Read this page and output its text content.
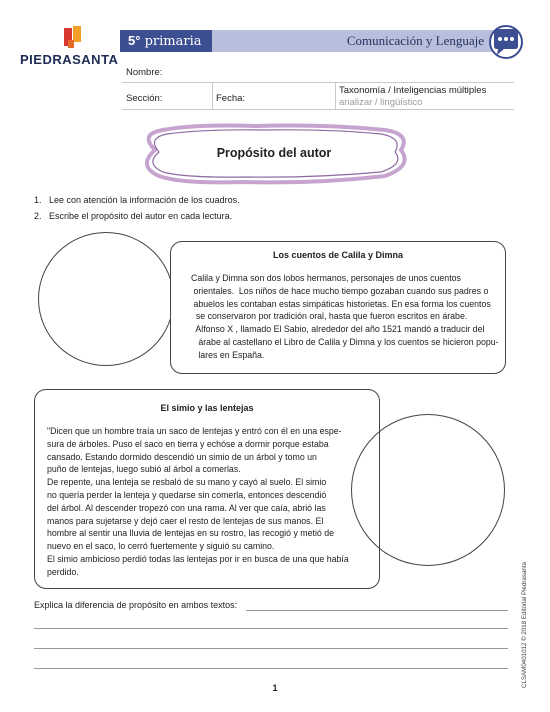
PIEDRASANTA
5° primaria	Comunicación y Lenguaje
Nombre:
Sección:	Fecha:
Taxonomía / Inteligencias múltiples
analizar / lingüístico
Propósito del autor
1. Lee con atención la información de los cuadros.
2. Escribe el propósito del autor en cada lectura.
Los cuentos de Calila y Dimna
Calila y Dimna son dos lobos hermanos, personajes de unos cuentos
orientales.  Los niños de hace mucho tiempo gozaban cuando sus padres o
abuelos les contaban estas simpáticas historietas. En esa forma los cuentos
se conservaron por tradición oral, hasta que fueron escritos en árabe.
Alfonso X , llamado El Sabio, alrededor del año 1521 mandó a traducir del
árabe al castellano el Libro de Calila y Dimna y los cuentos se hicieron popu-
lares en España.
El simio y las lentejas
"Dicen que un hombre traía un saco de lentejas y entró con él en una espe-
sura de árboles. Puso el saco en tierra y echóse a dormir porque estaba
cansado. Estando dormido descendió un simio de un árbol y tomo un
puño de lentejas, luego subió al árbol a comerlas.
De repente, una lenteja se resbaló de su mano y cayó al suelo. El simio
no quería perder la lenteja y quedarse sin comerla, entonces descendió
del árbol. Al descender tropezó con una rama. Al ver que caía, abrió las
manos para sujetarse y dejó caer el resto de lentejas de sus manos. El
hombre al sentir una lluvia de lentejas en su rostro, las recogió y metió de
nuevo en el saco, lo cerró fuertemente y siguió su camino.
El simio ambicioso perdió todas las lentejas por ir en busca de una que había
perdido.
Explica la diferencia de propósito en ambos textos:	CLSAM0401012 © 2018 Editorial Piedrasanta
1
